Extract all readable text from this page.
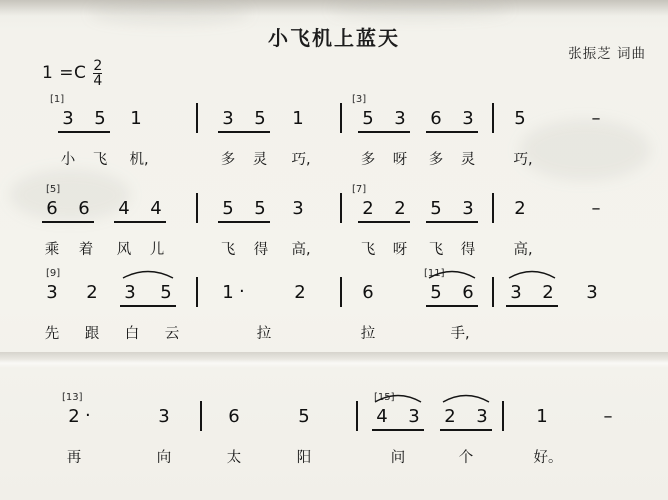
小飞机上蓝天
张振芝 词曲
$1 =C \frac{2}{4}$
[1]	[3]
3 5 1	3 5 1	5 3 6 3 5	–
小 飞 机,	多 灵 巧,	多 呀 多 灵	巧,
[5]	[7]
6 6 4 4	5 5 3	2 2 5 3 2	–
乘 着 风 儿	飞 得 高,	飞 呀 飞 得	高,
[9]	[11]
3 2 3 5	1 ·	2	6	5 6 3 2 3
先 跟 白 云	拉	拉	手,
[13]	[15]
2 ·	3	6	5	4 3 2 3	1	–
再	向	太	阳	问	个	好。
